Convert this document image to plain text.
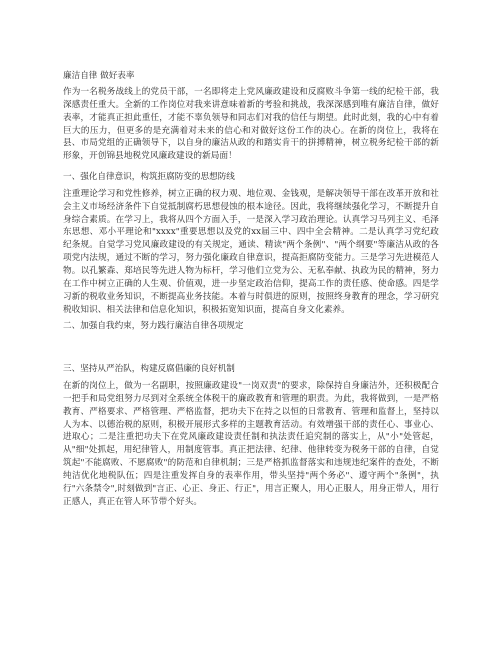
廉洁自律 做好表率

作为一名税务战线上的党员干部，一名即将走上党风廉政建设和反腐败斗争第一线的纪检干部，我深感责任重大。全新的工作岗位对我来讲意味着新的考验和挑战，我深深感到唯有廉洁自律，做好表率，才能真正担此重任，才能不辜负领导和同志们对我的信任与期望。此时此刻，我的心中有着巨大的压力，但更多的是充满着对未来的信心和对做好这份工作的决心。在新的岗位上，我将在县、市局党组的正确领导下，以自身的廉洁从政的和踏实肯干的拼搏精神，树立税务纪检干部的新形象，开创锦县地税党风廉政建设的新局面！

一、强化自律意识，构筑拒腐防变的思想防线

注重理论学习和党性修养，树立正确的权力观、地位观、金钱观，是解决领导干部在改革开放和社会主义市场经济条件下自觉抵制腐朽思想侵蚀的根本途径。因此，我将继续强化学习，不断提升自身综合素质。在学习上，我将从四个方面入手，一是深入学习政治理论。认真学习马列主义、毛泽东思想、邓小平理论和"xxxx"重要思想以及党的xx届三中、四中全会精神。二是认真学习党纪政纪条规。自觉学习党风廉政建设的有关规定，通读、精读"两个条例"、"两个纲要"等廉洁从政的各项党内法规，通过不断的学习，努力强化廉政自律意识，提高拒腐防变能力。三是学习先进模范人物。以孔繁森、郑培民等先进人物为标杆，学习他们立党为公、无私奉献、执政为民的精神，努力在工作中树立正确的人生观、价值观，进一步坚定政治信仰，提高工作的责任感、使命感。四是学习新的税收业务知识，不断提高业务技能。本着与时俱进的原则，按照终身教育的理念，学习研究税收知识、相关法律和信息化知识，积极拓宽知识面，提高自身文化素养。

二、加强自我约束，努力践行廉洁自律各项规定

三、坚持从严治队，构建反腐倡廉的良好机制

在新的岗位上，做为一名副职，按照廉政建设"一岗双责"的要求，除保持自身廉洁外，还积极配合一把手和局党组努力尽到对全系统全体税干的廉政教育和管理的职责。为此，我将做到，一是严格教育、严格要求、严格管理、严格监督，把功夫下在持之以恒的日常教育、管理和监督上，坚持以人为本、以德治税的原则，积极开展形式多样的主题教育活动。有效增强干部的责任心、事业心、进取心；二是注重把功夫下在党风廉政建设责任制和执法责任追究制的落实上，从"小"处管起，从"细"处抓起，用纪律管人，用制度管事。真正把法律、纪律、他律转变为税务干部的自律，自觉筑起"不能腐败、不愿腐败"的防范和自律机制；三是严格抓监督落实和违规违纪案件的查处，不断纯洁优化地税队伍；四是注重发挥自身的表率作用，带头坚持"两个务必"、遵守两个"条例"，执行"六条禁令",时刻做到"言正、心正、身正、行正"，用言正聚人，用心正服人，用身正带人，用行正感人，真正在管人环节带个好头。
